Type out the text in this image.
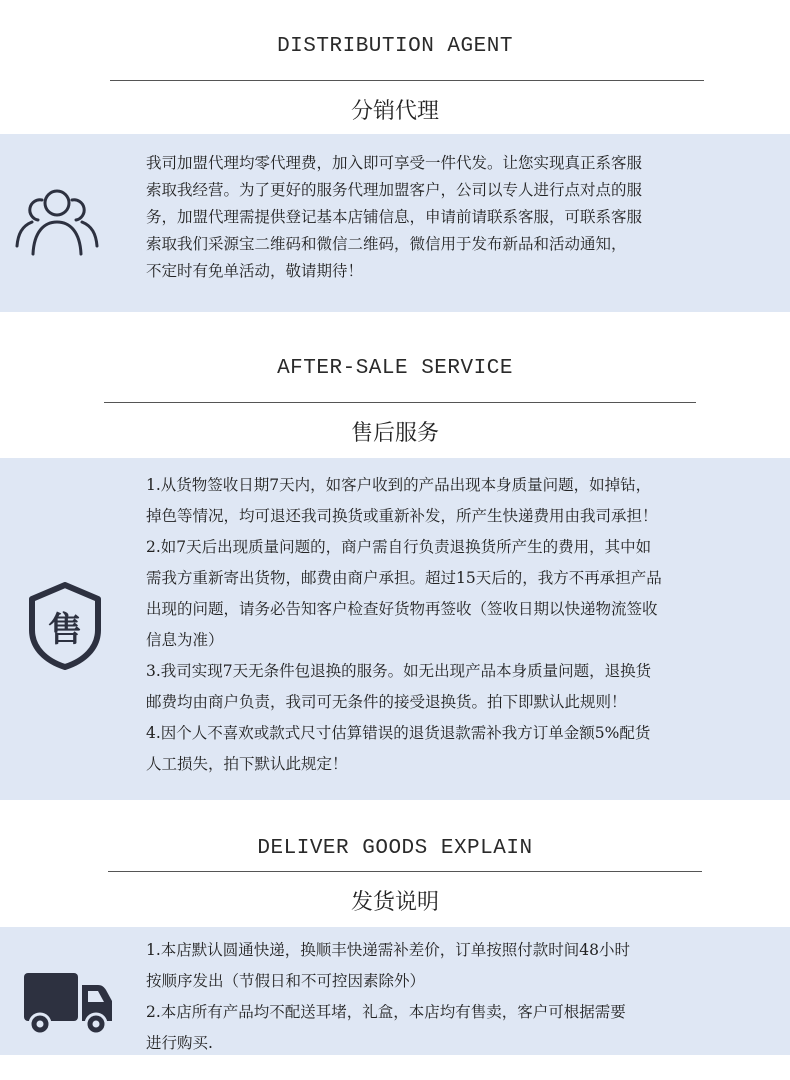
DISTRIBUTION AGENT
分销代理

我司加盟代理均零代理费，加入即可享受一件代发。让您实现真正系客服

索取我经营。为了更好的服务代理加盟客户，公司以专人进行点对点的服

务，加盟代理需提供登记基本店铺信息，申请前请联系客服，可联系客服

索取我们采源宝二维码和微信二维码，微信用于发布新品和活动通知，

不定时有免单活动，敬请期待！

AFTER-SALE SERVICE
售后服务
售

1.从货物签收日期7天内，如客户收到的产品出现本身质量问题，如掉钻，

掉色等情况，均可退还我司换货或重新补发，所产生快递费用由我司承担！

2.如7天后出现质量问题的，商户需自行负责退换货所产生的费用，其中如

需我方重新寄出货物，邮费由商户承担。超过15天后的，我方不再承担产品

出现的问题，请务必告知客户检查好货物再签收（签收日期以快递物流签收

信息为准）

3.我司实现7天无条件包退换的服务。如无出现产品本身质量问题，退换货

邮费均由商户负责，我司可无条件的接受退换货。拍下即默认此规则！

4.因个人不喜欢或款式尺寸估算错误的退货退款需补我方订单金额5%配货

人工损失，拍下默认此规定！

DELIVER GOODS EXPLAIN
发货说明

1.本店默认圆通快递，换顺丰快递需补差价，订单按照付款时间48小时

按顺序发出（节假日和不可控因素除外）

2.本店所有产品均不配送耳堵，礼盒，本店均有售卖，客户可根据需要

进行购买.
